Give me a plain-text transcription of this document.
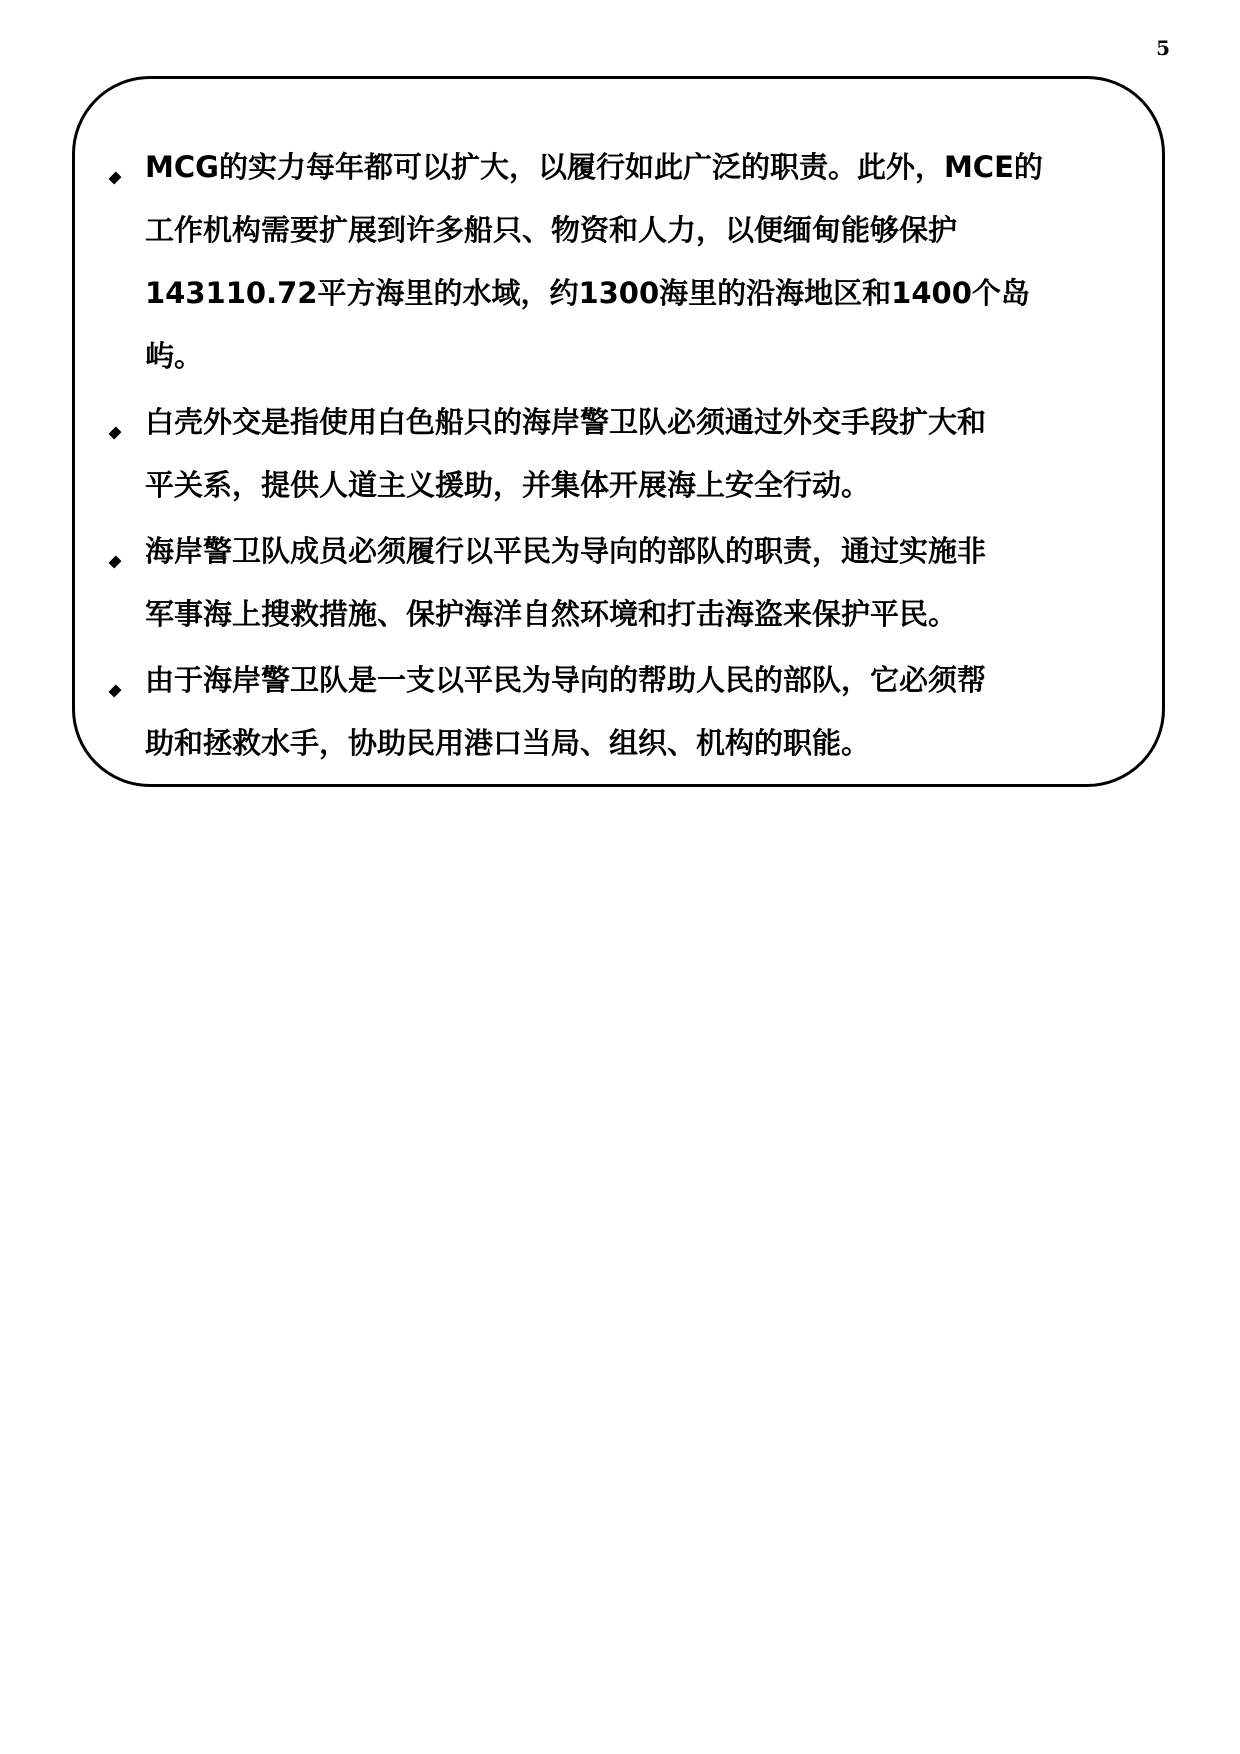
5
MCG的实力每年都可以扩大，以履行如此广泛的职责。此外，MCE的
工作机构需要扩展到许多船只、物资和人力，以便缅甸能够保护
143110.72平方海里的水域，约1300海里的沿海地区和1400个岛
屿。
白壳外交是指使用白色船只的海岸警卫队必须通过外交手段扩大和
平关系，提供人道主义援助，并集体开展海上安全行动。
海岸警卫队成员必须履行以平民为导向的部队的职责，通过实施非
军事海上搜救措施、保护海洋自然环境和打击海盗来保护平民。
由于海岸警卫队是一支以平民为导向的帮助人民的部队，它必须帮
助和拯救水手，协助民用港口当局、组织、机构的职能。
